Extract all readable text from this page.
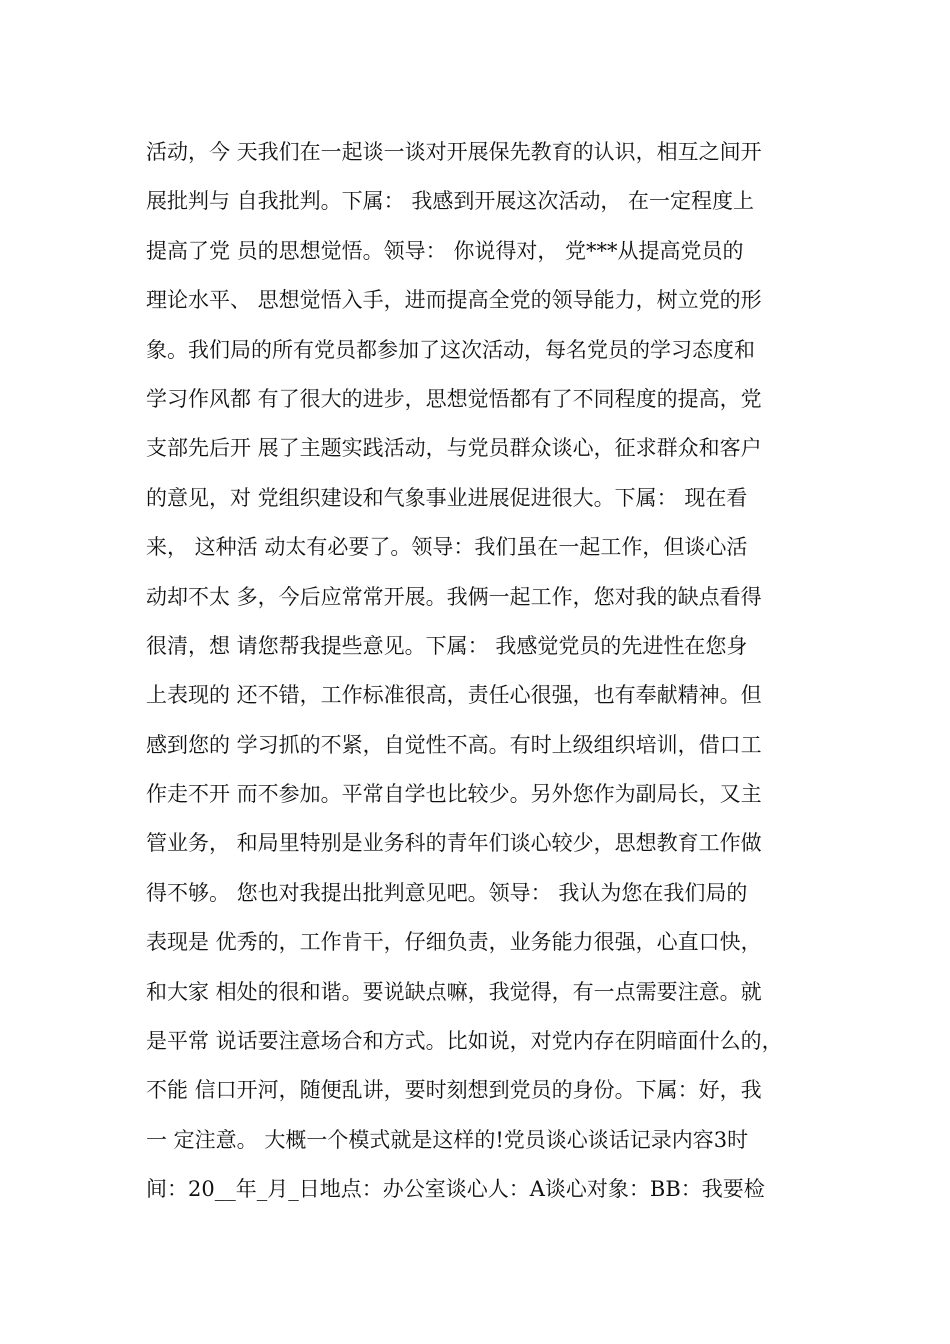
活动，今 天我们在一起谈一谈对开展保先教育的认识，相互之间开
展批判与 自我批判。下属： 我感到开展这次活动， 在一定程度上
提高了党 员的思想觉悟。领导： 你说得对， 党***从提高党员的
理论水平、 思想觉悟入手，进而提高全党的领导能力，树立党的形
象。我们局的所有党员都参加了这次活动，每名党员的学习态度和
学习作风都 有了很大的进步，思想觉悟都有了不同程度的提高，党
支部先后开 展了主题实践活动，与党员群众谈心，征求群众和客户
的意见，对 党组织建设和气象事业进展促进很大。下属： 现在看
来， 这种活 动太有必要了。领导：我们虽在一起工作，但谈心活
动却不太 多，今后应常常开展。我俩一起工作，您对我的缺点看得
很清，想 请您帮我提些意见。下属： 我感觉党员的先进性在您身
上表现的 还不错，工作标准很高，责任心很强，也有奉献精神。但
感到您的 学习抓的不紧，自觉性不高。有时上级组织培训，借口工
作走不开 而不参加。平常自学也比较少。另外您作为副局长，又主
管业务， 和局里特别是业务科的青年们谈心较少，思想教育工作做
得不够。 您也对我提出批判意见吧。领导： 我认为您在我们局的
表现是 优秀的，工作肯干，仔细负责，业务能力很强，心直口快，
和大家 相处的很和谐。要说缺点嘛，我觉得，有一点需要注意。就
是平常 说话要注意场合和方式。比如说，对党内存在阴暗面什么的，
不能 信口开河，随便乱讲，要时刻想到党员的身份。下属：好，我
一 定注意。 大概一个模式就是这样的!党员谈心谈话记录内容3时
间：20__年_月_日地点：办公室谈心人：A谈心对象：BB：我要检
